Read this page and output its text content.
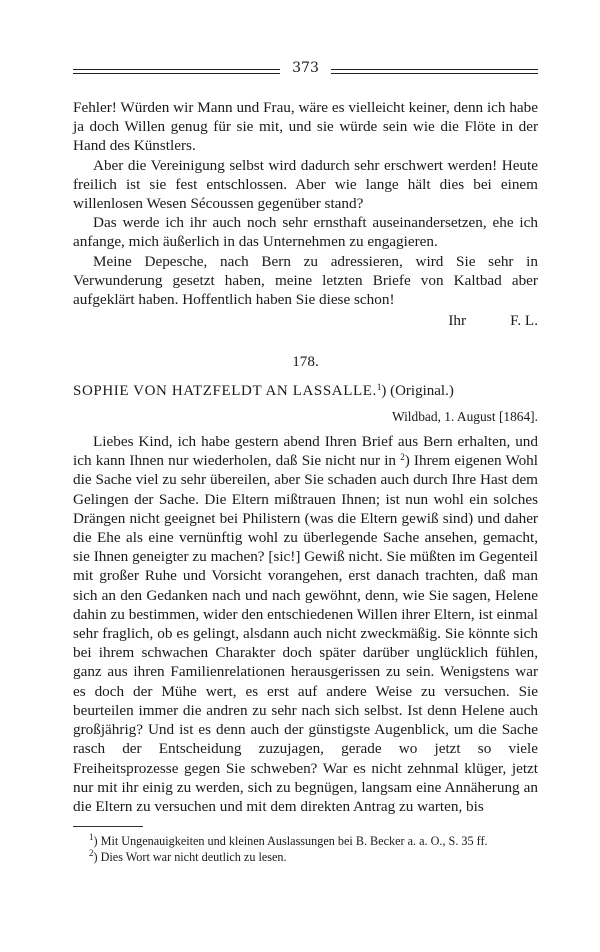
373

Fehler! Würden wir Mann und Frau, wäre es vielleicht keiner, denn ich habe ja doch Willen genug für sie mit, und sie würde sein wie die Flöte in der Hand des Künstlers.

Aber die Vereinigung selbst wird dadurch sehr erschwert werden! Heute freilich ist sie fest entschlossen. Aber wie lange hält dies bei einem willenlosen Wesen Sécoussen gegenüber stand?

Das werde ich ihr auch noch sehr ernsthaft auseinandersetzen, ehe ich anfange, mich äußerlich in das Unternehmen zu engagieren.

Meine Depesche, nach Bern zu adressieren, wird Sie sehr in Verwunderung gesetzt haben, meine letzten Briefe von Kaltbad aber aufgeklärt haben. Hoffentlich haben Sie diese schon!

Ihr	F. L.
178.
SOPHIE VON HATZFELDT AN LASSALLE.$^1$) (Original.)
Wildbad, 1. August [1864].

Liebes Kind, ich habe gestern abend Ihren Brief aus Bern erhalten, und ich kann Ihnen nur wiederholen, daß Sie nicht nur in $^2$) Ihrem eigenen Wohl die Sache viel zu sehr übereilen, aber Sie schaden auch durch Ihre Hast dem Gelingen der Sache. Die Eltern mißtrauen Ihnen; ist nun wohl ein solches Drängen nicht geeignet bei Philistern (was die Eltern gewiß sind) und daher die Ehe als eine vernünftig wohl zu überlegende Sache ansehen, gemacht, sie Ihnen geneigter zu machen? [sic!] Gewiß nicht. Sie müßten im Gegenteil mit großer Ruhe und Vorsicht vorangehen, erst danach trachten, daß man sich an den Gedanken nach und nach gewöhnt, denn, wie Sie sagen, Helene dahin zu bestimmen, wider den entschiedenen Willen ihrer Eltern, ist einmal sehr fraglich, ob es gelingt, alsdann auch nicht zweckmäßig. Sie könnte sich bei ihrem schwachen Charakter doch später darüber unglücklich fühlen, ganz aus ihren Familienrelationen herausgerissen zu sein. Wenigstens war es doch der Mühe wert, es erst auf andere Weise zu versuchen. Sie beurteilen immer die andren zu sehr nach sich selbst. Ist denn Helene auch großjährig? Und ist es denn auch der günstigste Augenblick, um die Sache rasch der Entscheidung zuzujagen, gerade wo jetzt so viele Freiheitsprozesse gegen Sie schweben? War es nicht zehnmal klüger, jetzt nur mit ihr einig zu werden, sich zu begnügen, langsam eine Annäherung an die Eltern zu versuchen und mit dem direkten Antrag zu warten, bis

$^1$) Mit Ungenauigkeiten und kleinen Auslassungen bei B. Becker a. a. O., S. 35 ff.

$^2$) Dies Wort war nicht deutlich zu lesen.
